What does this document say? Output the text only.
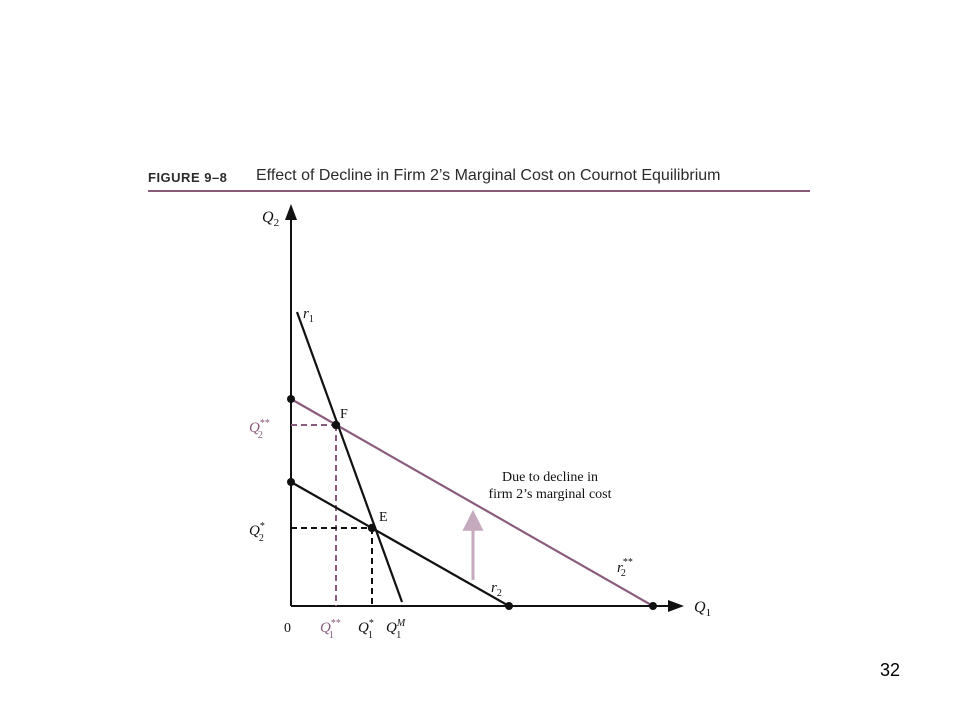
FIGURE 9–8 Effect of Decline in Firm 2’s Marginal Cost on Cournot Equilibrium
$Q_2$
$Q_1$
0
$r_1$
$r_2$
r** 2
F
E
Q** 2
Q* 2
Q** 1	Q* 1 $Q^M$ 1
Due to decline in
firm 2’s marginal cost
32
